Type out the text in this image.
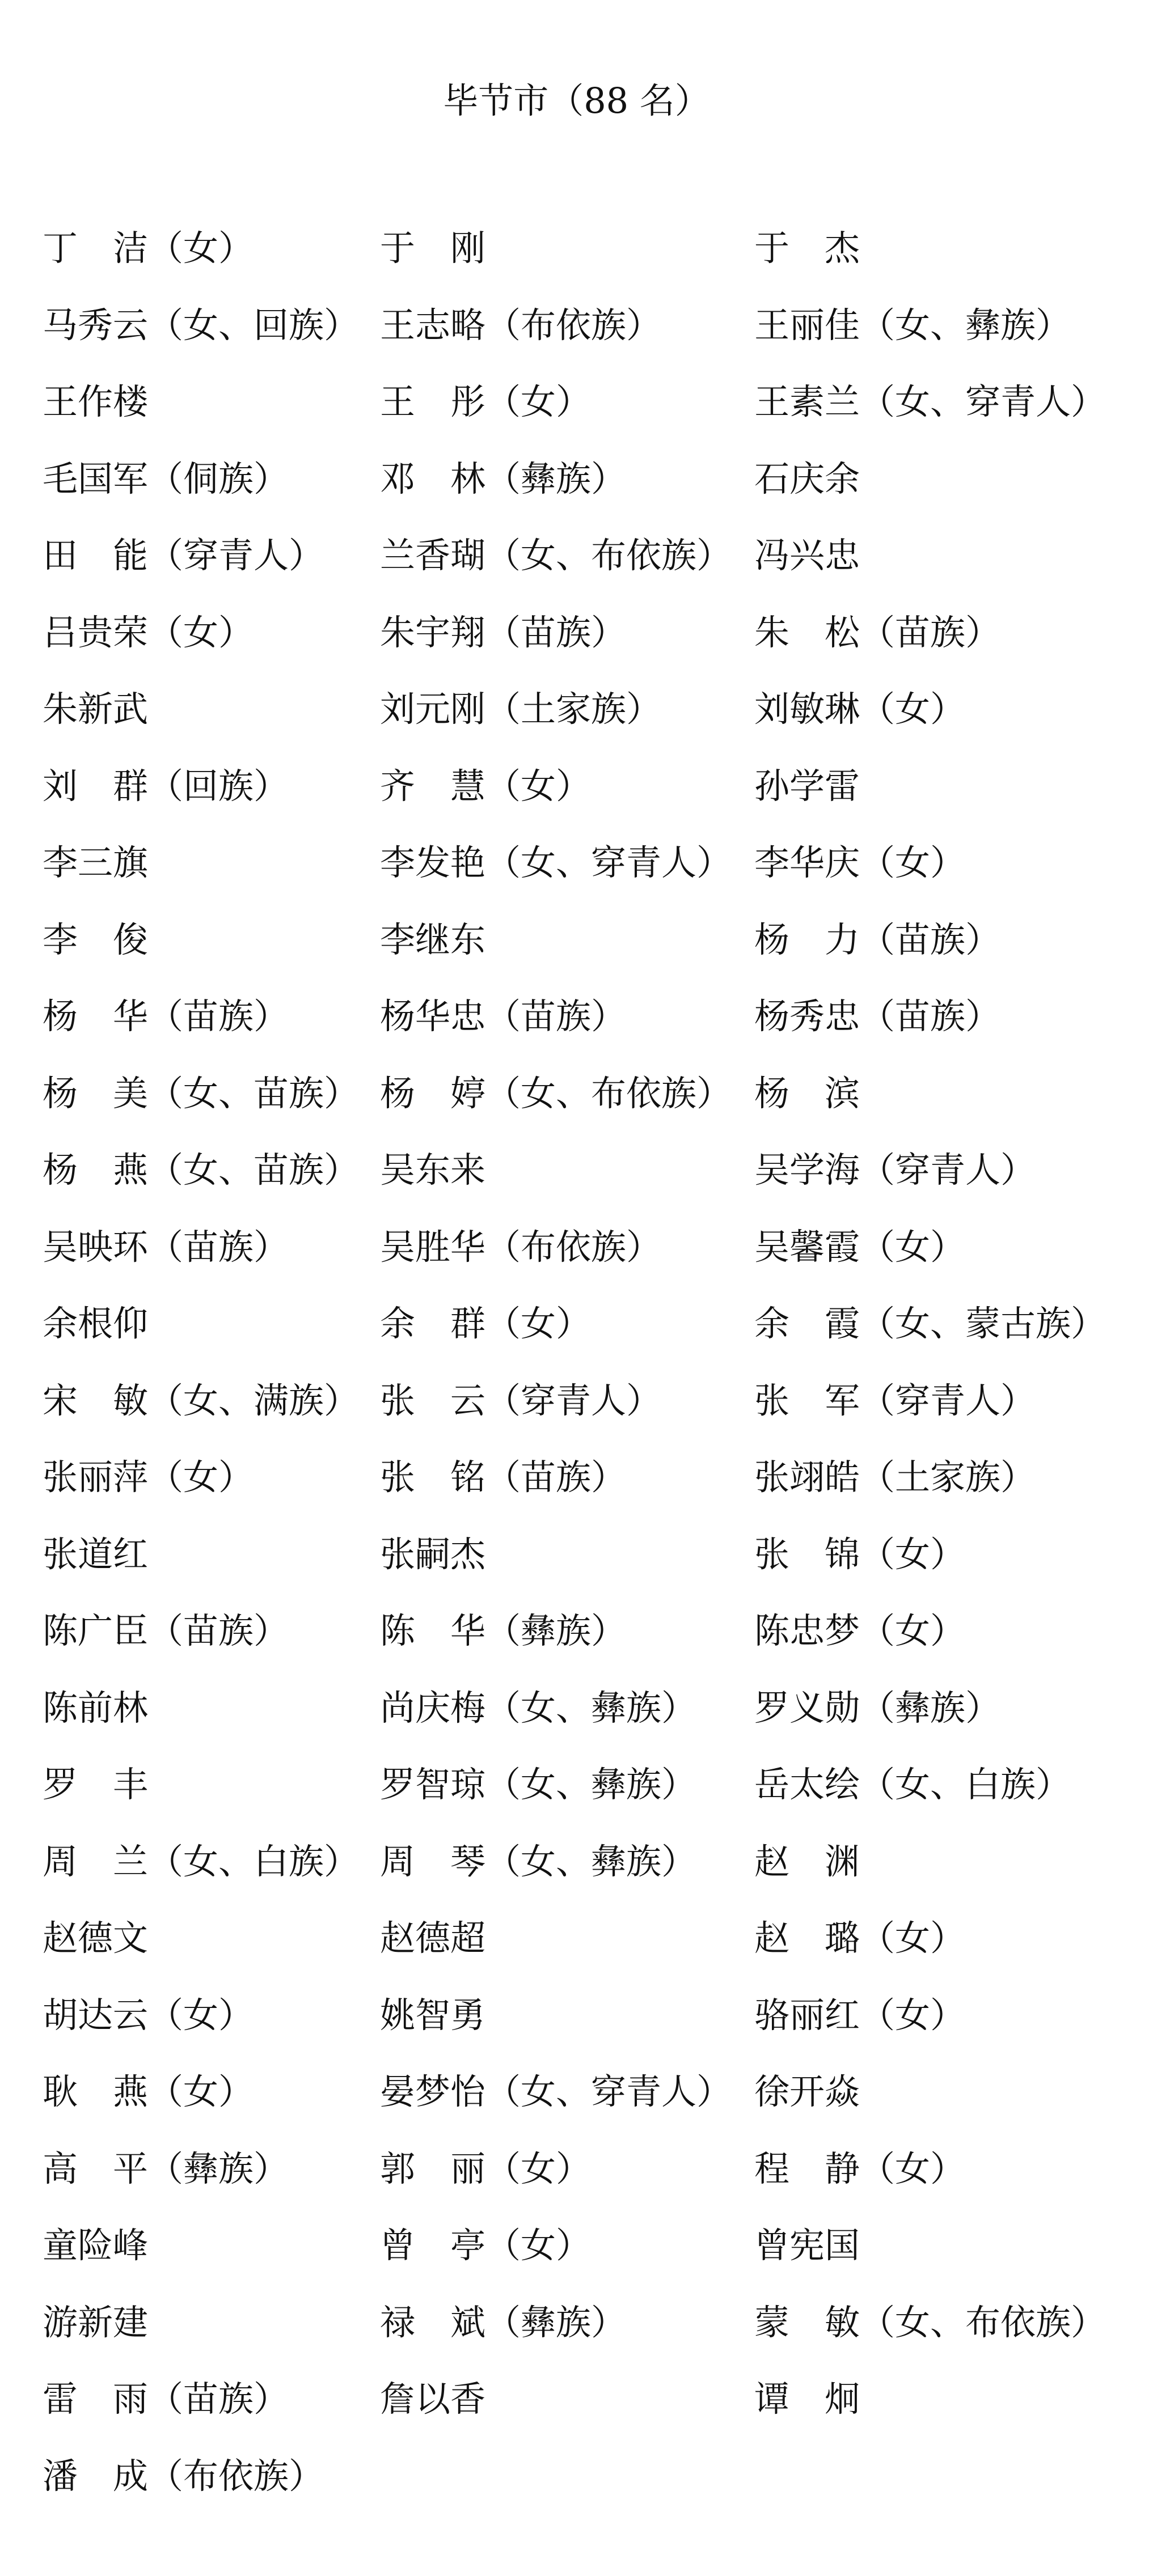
毕节市（88 名）
丁　洁（女）	于　刚	于　杰
马秀云（女、回族） 王志略（布依族）	王丽佳（女、彝族）
王作楼	王　彤（女）	王素兰（女、穿青人）
毛国军（侗族）	邓　林（彝族）	石庆余
田　能（穿青人） 兰香瑚（女、布依族） 冯兴忠
吕贵荣（女）	朱宇翔（苗族）	朱　松（苗族）
朱新武	刘元刚（土家族）	刘敏琳（女）
刘　群（回族）	齐　慧（女）	孙学雷
李三旗	李发艳（女、穿青人） 李华庆（女）
李　俊	李继东	杨　力（苗族）
杨　华（苗族）	杨华忠（苗族）	杨秀忠（苗族）
杨　美（女、苗族） 杨　婷（女、布依族） 杨　滨
杨　燕（女、苗族） 吴东来	吴学海（穿青人）
吴映环（苗族）	吴胜华（布依族）	吴馨霞（女）
余根仰	余　群（女）	余　霞（女、蒙古族）
宋　敏（女、满族） 张　云（穿青人）	张　军（穿青人）
张丽萍（女）	张　铭（苗族）	张翊皓（土家族）
张道红	张嗣杰	张　锦（女）
陈广臣（苗族）	陈　华（彝族）	陈忠梦（女）
陈前林	尚庆梅（女、彝族） 罗义勋（彝族）
罗　丰	罗智琼（女、彝族） 岳太绘（女、白族）
周　兰（女、白族） 周　琴（女、彝族） 赵　渊
赵德文	赵德超	赵　璐（女）
胡达云（女）	姚智勇	骆丽红（女）
耿　燕（女）	晏梦怡（女、穿青人） 徐开焱
高　平（彝族）	郭　丽（女）	程　静（女）
童险峰	曾　亭（女）	曾宪国
游新建	禄　斌（彝族）	蒙　敏（女、布依族）
雷　雨（苗族）	詹以香	谭　炯
潘　成（布依族）
